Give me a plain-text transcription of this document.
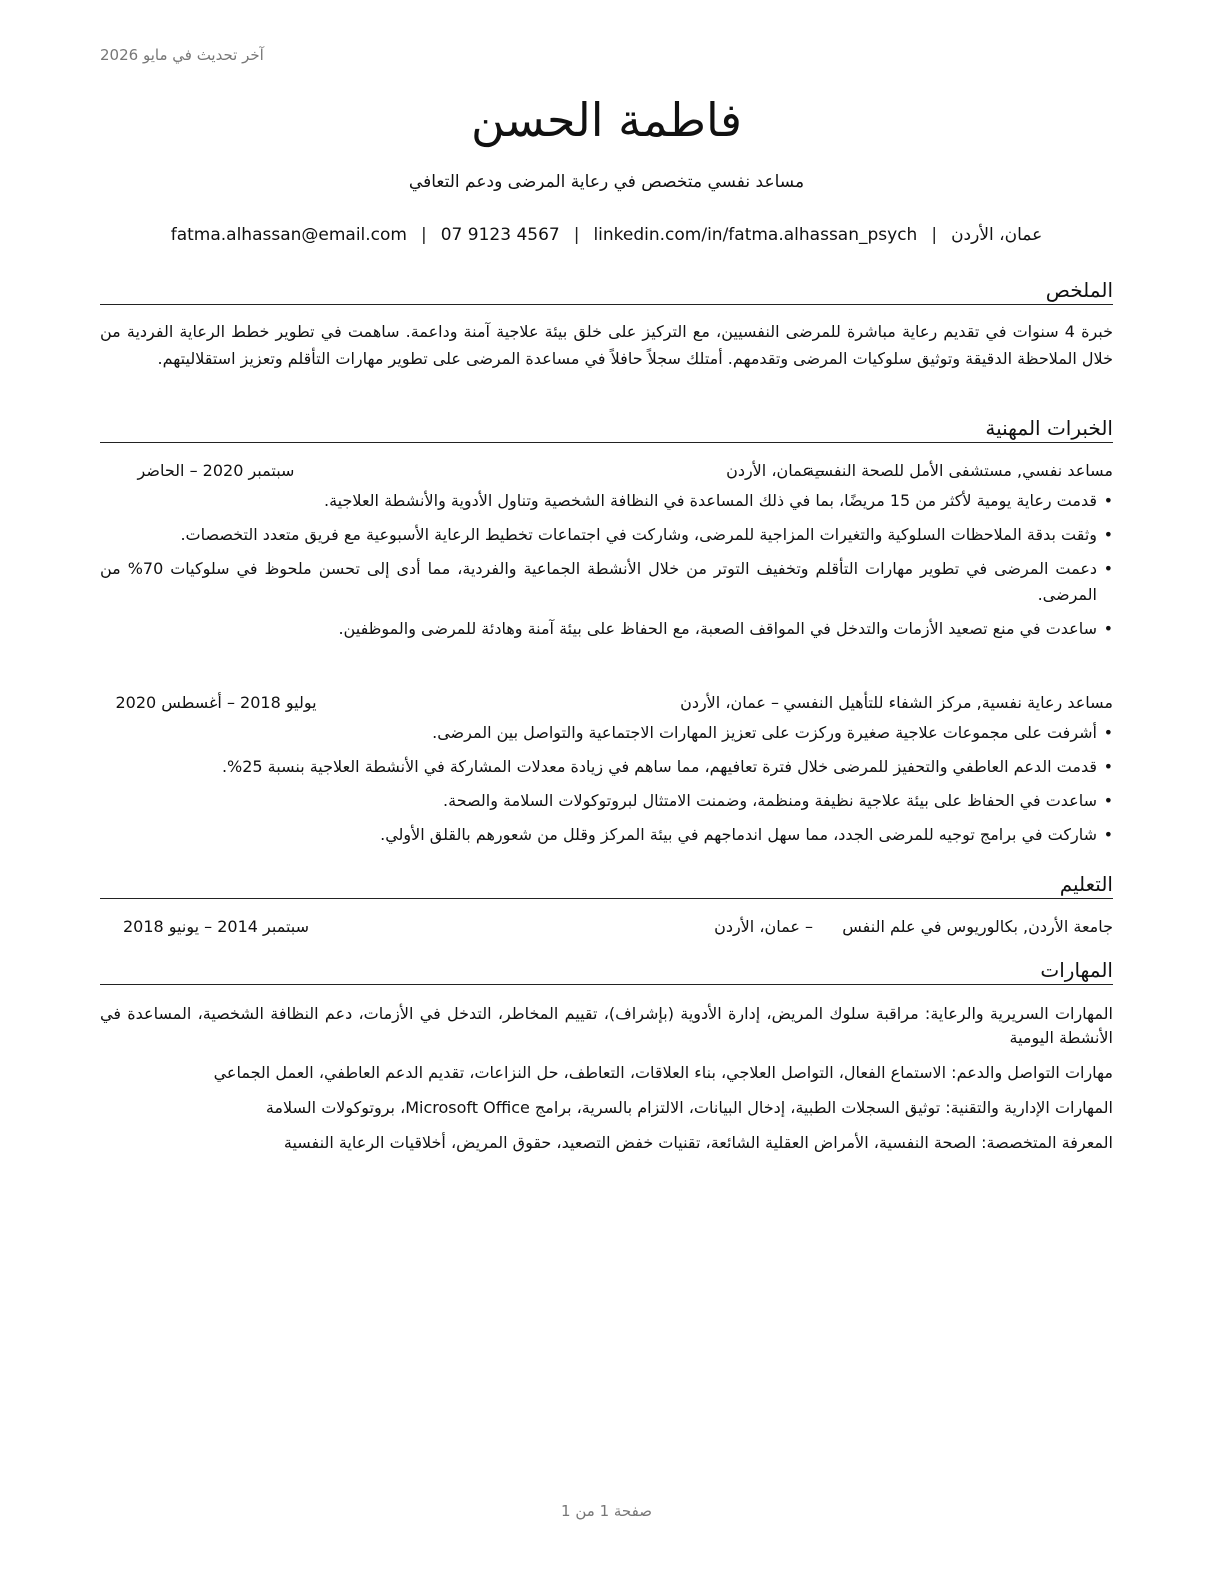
آخر تحديث في مايو 2026
فاطمة الحسن
مساعد نفسي متخصص في رعاية المرضى ودعم التعافي
عمان، الأردن|fatma.alhassan@email.com | 07 9123 4567 | linkedin.com/in/fatma.alhassan_psych
الملخص
خبرة 4 سنوات في تقديم رعاية مباشرة للمرضى النفسيين، مع التركيز على خلق بيئة علاجية آمنة وداعمة. ساهمت في تطوير خطط الرعاية الفردية من خلال الملاحظة الدقيقة وتوثيق سلوكيات المرضى وتقدمهم. أمتلك سجلاً حافلاً في مساعدة المرضى على تطوير مهارات التأقلم وتعزيز استقلاليتهم.
الخبرات المهنية
مساعد نفسي, مستشفى الأمل للصحة النفسية
– عمان، الأردن
سبتمبر 2020 – الحاضر
• قدمت رعاية يومية لأكثر من 15 مريضًا، بما في ذلك المساعدة في النظافة الشخصية وتناول الأدوية والأنشطة العلاجية.
• وثقت بدقة الملاحظات السلوكية والتغيرات المزاجية للمرضى، وشاركت في اجتماعات تخطيط الرعاية الأسبوعية مع فريق متعدد التخصصات.
• دعمت المرضى في تطوير مهارات التأقلم وتخفيف التوتر من خلال الأنشطة الجماعية والفردية، مما أدى إلى تحسن ملحوظ في سلوكيات 70% من المرضى.
• ساعدت في منع تصعيد الأزمات والتدخل في المواقف الصعبة، مع الحفاظ على بيئة آمنة وهادئة للمرضى والموظفين.
مساعد رعاية نفسية, مركز الشفاء للتأهيل النفسي
– عمان، الأردن
يوليو 2018 – أغسطس 2020
• أشرفت على مجموعات علاجية صغيرة وركزت على تعزيز المهارات الاجتماعية والتواصل بين المرضى.
• قدمت الدعم العاطفي والتحفيز للمرضى خلال فترة تعافيهم، مما ساهم في زيادة معدلات المشاركة في الأنشطة العلاجية بنسبة 25%.
• ساعدت في الحفاظ على بيئة علاجية نظيفة ومنظمة، وضمنت الامتثال لبروتوكولات السلامة والصحة.
• شاركت في برامج توجيه للمرضى الجدد، مما سهل اندماجهم في بيئة المركز وقلل من شعورهم بالقلق الأولي.
التعليم
جامعة الأردن, بكالوريوس في علم النفس
– عمان، الأردن
سبتمبر 2014 – يونيو 2018
المهارات
المهارات السريرية والرعاية: مراقبة سلوك المريض، إدارة الأدوية (بإشراف)، تقييم المخاطر، التدخل في الأزمات، دعم النظافة الشخصية، المساعدة في الأنشطة اليومية
مهارات التواصل والدعم: الاستماع الفعال، التواصل العلاجي، بناء العلاقات، التعاطف، حل النزاعات، تقديم الدعم العاطفي، العمل الجماعي
المهارات الإدارية والتقنية: توثيق السجلات الطبية، إدخال البيانات، الالتزام بالسرية، برامج Microsoft Office، بروتوكولات السلامة
المعرفة المتخصصة: الصحة النفسية، الأمراض العقلية الشائعة، تقنيات خفض التصعيد، حقوق المريض، أخلاقيات الرعاية النفسية
صفحة 1 من 1
